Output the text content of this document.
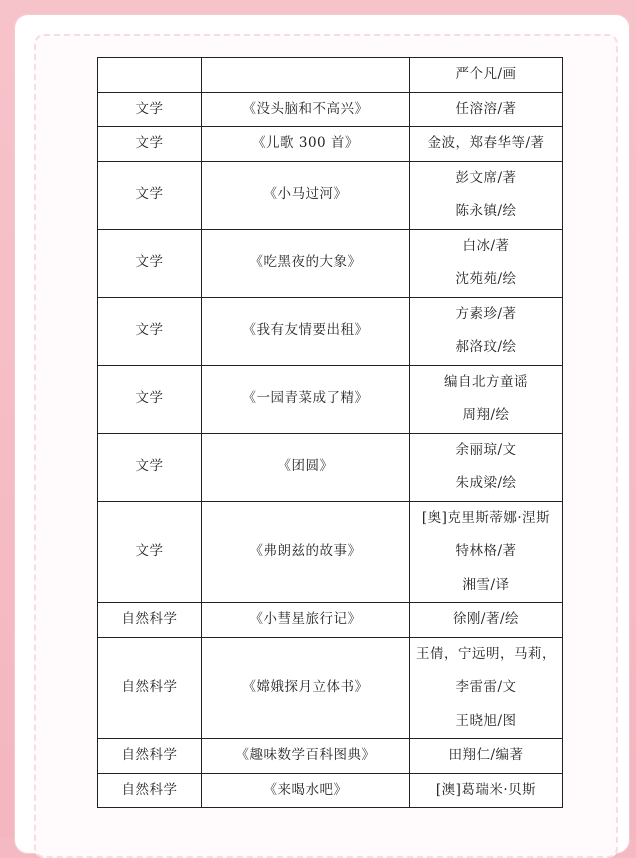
		严个凡/画

文学	《没头脑和不高兴》	任溶溶/著

文学	《儿歌 300 首》	金波，郑春华等/著

文学	《小马过河》	彭文席/著
陈永镇/绘

文学	《吃黑夜的大象》	白冰/著
沈苑苑/绘

文学	《我有友情要出租》	方素珍/著
郝洛玟/绘

文学	《一园青菜成了精》	编自北方童谣
周翔/绘

文学	《团圆》	余丽琼/文
朱成梁/绘

文学	《弗朗兹的故事》	[奥]克里斯蒂娜·涅斯
特林格/著
湘雪/译

自然科学	《小彗星旅行记》	徐刚/著/绘

自然科学	《嫦娥探月立体书》	王倩，宁远明，马莉，
李雷雷/文
王晓旭/图

自然科学	《趣味数学百科图典》	田翔仁/编著

自然科学	《来喝水吧》	[澳]葛瑞米·贝斯
